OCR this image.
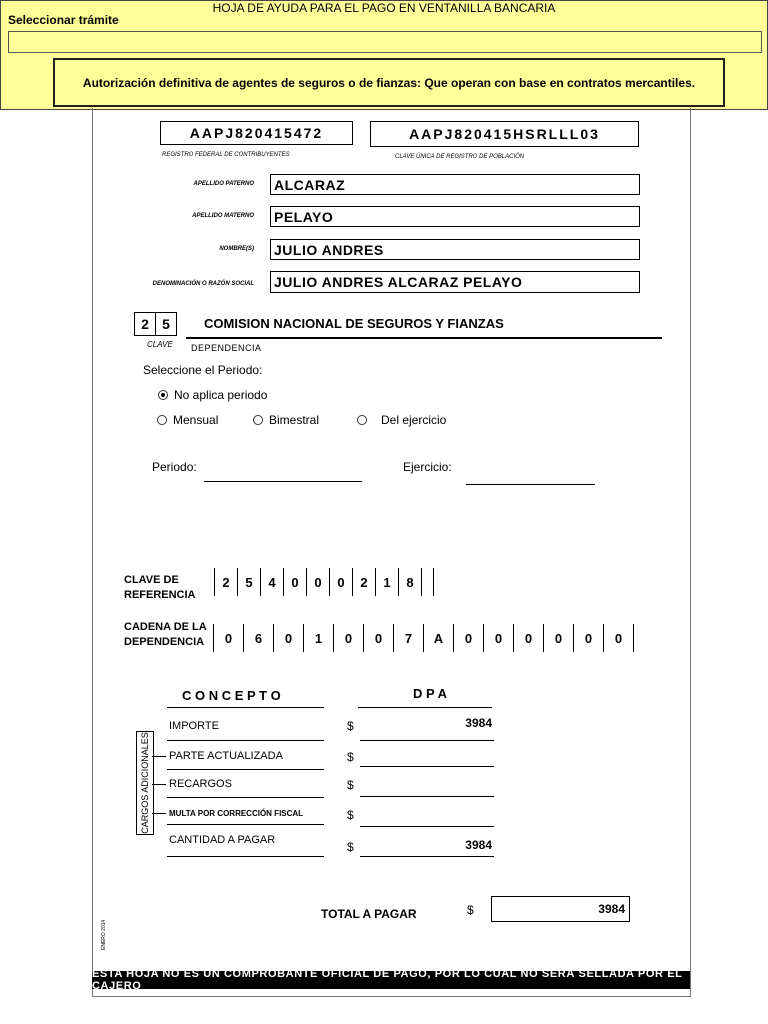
HOJA DE AYUDA PARA EL PAGO EN VENTANILLA BANCARIA
Seleccionar trámite
Autorización definitiva de agentes de seguros o de fianzas: Que operan con base en contratos mercantiles.
AAPJ820415472
REGISTRO FEDERAL DE CONTRIBUYENTES
AAPJ820415HSRLLL03
CLAVE ÚNICA DE REGISTRO DE POBLACIÓN
APELLIDO PATERNO ALCARAZ
APELLIDO MATERNO PELAYO
NOMBRE(S) JULIO ANDRES
DENOMINACIÓN O RAZÓN SOCIAL JULIO ANDRES ALCARAZ PELAYO
2 5	COMISION NACIONAL DE SEGUROS Y FIANZAS
CLAVE DEPENDENCIA
Seleccione el Periodo:
No aplica periodo
Mensual	Bimestral	Del ejercicio
Periodo:	Ejercicio:
CLAVE DE
REFERENCIA
2	5	4	0	0	0	2	1	8
CADENA DE LA
DEPENDENCIA	0	6	0	1	0	0	7	A	0	0	0	0	0	0
C O N C E P T O	D P A
CARGOS ADICIONALES
IMPORTE	$	3984
PARTE ACTUALIZADA	$
RECARGOS	$
MULTA POR CORRECCIÓN FISCAL	$
CANTIDAD A PAGAR	$	3984
TOTAL A PAGAR	$	3984
ENERO 2014
ESTA HOJA NO ES UN COMPROBANTE OFICIAL DE PAGO, POR LO CUAL NO SERÁ SELLADA POR EL CAJERO
